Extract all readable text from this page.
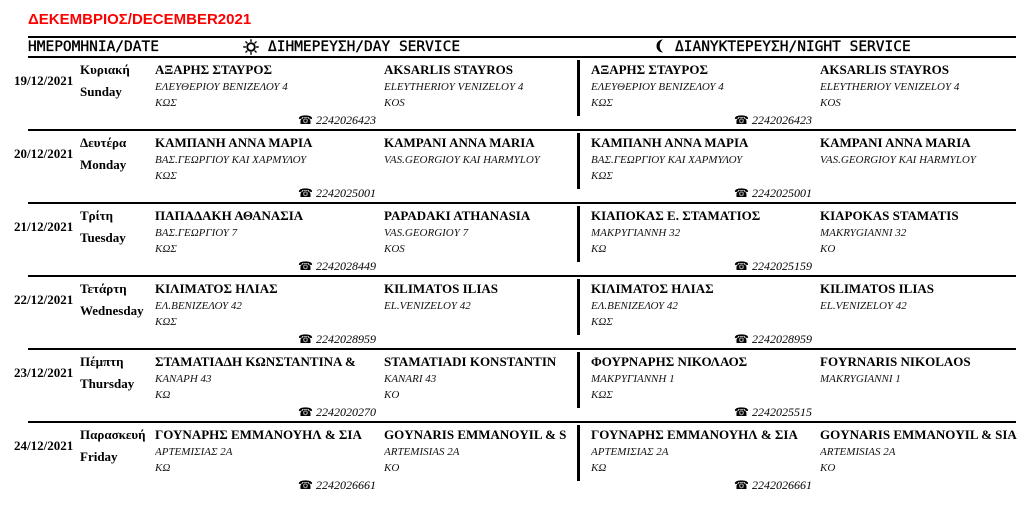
ΔΕΚΕΜΒΡΙΟΣ/DECEMBER2021
ΗΜΕΡΟΜΗΝΙΑ/DATE	ΔΙΗΜΕΡΕΥΣΗ/DAY SERVICE	ΔΙΑΝΥΚΤΕΡΕΥΣΗ/NIGHT SERVICE
19/12/2021
Κυριακή
Sunday
ΑΞΑΡΗΣ ΣΤΑΥΡΟΣ
ΕΛΕΥΘΕΡΙΟΥ ΒΕΝΙΖΕΛΟΥ 4
ΚΩΣ
☎ 2242026423
AKSARLIS STAYROS
ELEYTHERIOY VENIZELOY 4
KOS
ΑΞΑΡΗΣ ΣΤΑΥΡΟΣ
ΕΛΕΥΘΕΡΙΟΥ ΒΕΝΙΖΕΛΟΥ 4
ΚΩΣ
☎ 2242026423
AKSARLIS STAYROS
ELEYTHERIOY VENIZELOY 4
KOS
20/12/2021
Δευτέρα
Monday
ΚΑΜΠΑΝΗ ΑΝΝΑ ΜΑΡΙΑ
ΒΑΣ.ΓΕΩΡΓΙΟΥ ΚΑΙ ΧΑΡΜΥΛΟΥ
ΚΩΣ
☎ 2242025001
KAMPANI ANNA MARIA
VAS.GEORGIOY KAI HARMYLOY
ΚΑΜΠΑΝΗ ΑΝΝΑ ΜΑΡΙΑ
ΒΑΣ.ΓΕΩΡΓΙΟΥ ΚΑΙ ΧΑΡΜΥΛΟΥ
ΚΩΣ
☎ 2242025001
KAMPANI ANNA MARIA
VAS.GEORGIOY KAI HARMYLOY
21/12/2021
Τρίτη
Tuesday
ΠΑΠΑΔΑΚΗ ΑΘΑΝΑΣΙΑ
ΒΑΣ.ΓΕΩΡΓΙΟΥ 7
ΚΩΣ
☎ 2242028449
PAPADAKI ATHANASIA
VAS.GEORGIOY 7
KOS
ΚΙΑΠΟΚΑΣ Ε. ΣΤΑΜΑΤΙΟΣ
ΜΑΚΡΥΓΙΑΝΝΗ 32
ΚΩ
☎ 2242025159
KIAPOKAS STAMATIS
MAKRYGIANNI 32
KO
22/12/2021
Τετάρτη
Wednesday
ΚΙΛΙΜΑΤΟΣ ΗΛΙΑΣ
ΕΛ.ΒΕΝΙΖΕΛΟΥ 42
ΚΩΣ
☎ 2242028959
KILIMATOS ILIAS
EL.VENIZELOY 42
ΚΙΛΙΜΑΤΟΣ ΗΛΙΑΣ
ΕΛ.ΒΕΝΙΖΕΛΟΥ 42
ΚΩΣ
☎ 2242028959
KILIMATOS ILIAS
EL.VENIZELOY 42
23/12/2021
Πέμπτη
Thursday
ΣΤΑΜΑΤΙΑΔΗ ΚΩΝΣΤΑΝΤΙΝΑ &
ΚΑΝΑΡΗ 43
ΚΩ
☎ 2242020270
STAMATIADI KONSTANTIN
KANARI 43
KO
ΦΟΥΡΝΑΡΗΣ ΝΙΚΟΛΑΟΣ
ΜΑΚΡΥΓΙΑΝΝΗ 1
ΚΩΣ
☎ 2242025515
FOYRNARIS NIKOLAOS
MAKRYGIANNI 1
24/12/2021
Παρασκευή
Friday
ΓΟΥΝΑΡΗΣ ΕΜΜΑΝΟΥΗΛ & ΣΙΑ
ΑΡΤΕΜΙΣΙΑΣ 2Α
ΚΩ
☎ 2242026661
GOYNARIS EMMANOYIL & S
ARTEMISIAS 2A
KO
ΓΟΥΝΑΡΗΣ ΕΜΜΑΝΟΥΗΛ & ΣΙΑ
ΑΡΤΕΜΙΣΙΑΣ 2Α
ΚΩ
☎ 2242026661
GOYNARIS EMMANOYIL & SIA
ARTEMISIAS 2A
KO
